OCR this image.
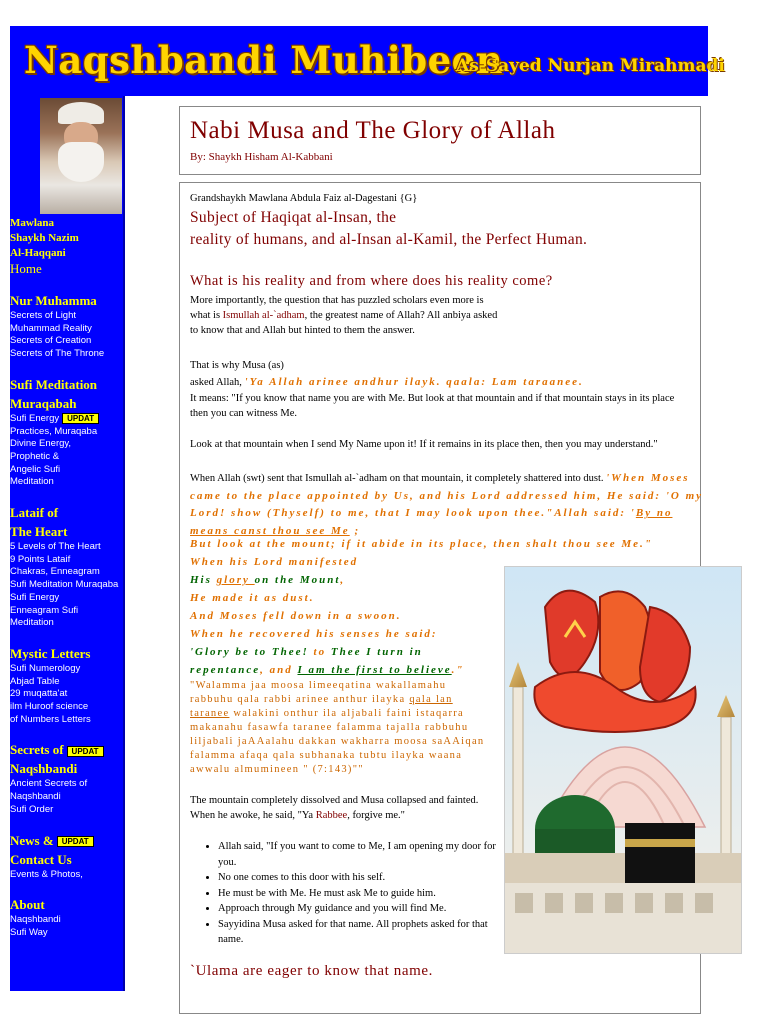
Naqshbandi Muhibeen
As-Sayed Nurjan Mirahmadi
Mawlana
Shaykh Nazim
Al-Haqqani
Home
Nur Muhamma
Secrets of Light
Muhammad Reality
Secrets of Creation
Secrets of The Throne
Sufi Meditation
Muraqabah
Sufi Energy UPDAT
Practices, Muraqaba
Divine Energy,
Prophetic &
Angelic Sufi
Meditation
Lataif of
The Heart
5 Levels of The Heart
9 Points Lataif
Chakras, Enneagram
Sufi Meditation Muraqaba
Sufi Energy
Enneagram Sufi
Meditation
Mystic Letters
Sufi Numerology
Abjad Table
29 muqatta'at
ilm Huroof science
of Numbers Letters
Secrets of UPDAT
Naqshbandi
Ancient Secrets of
Naqshbandi
Sufi Order
News & UPDAT
Contact Us
Events & Photos,
About
Naqshbandi
Sufi Way
Nabi Musa and The Glory of Allah
By: Shaykh Hisham Al-Kabbani
Grandshaykh Mawlana Abdula Faiz al-Dagestani {G}
Subject of Haqiqat al-Insan, the
reality of humans, and al-Insan al-Kamil, the Perfect Human.
What is his reality and from where does his reality come?
More importantly, the question that has puzzled scholars even more is what is Ismullah al-`adham, the greatest name of Allah? All anbiya asked to know that and Allah but hinted to them the answer.
That is why Musa (as)
asked Allah, 'Ya Allah arinee andhur ilayk. qaala: Lam taraanee.
It means: "If you know that name you are with Me. But look at that mountain and if that mountain stays in its place then you can witness Me.
Look at that mountain when I send My Name upon it! If it remains in its place then, then you may understand."
When Allah (swt) sent that Ismullah al-`adham on that mountain, it completely shattered into dust. 'When Moses came to the place appointed by Us, and his Lord addressed him, He said: 'O my Lord! show (Thyself) to me, that I may look upon thee."Allah said: 'By no means canst thou see Me ;
But look at the mount; if it abide in its place, then shalt thou see Me."
When his Lord manifested
His glory on the Mount,
He made it as dust.
And Moses fell down in a swoon.
When he recovered his senses he said:
'Glory be to Thee! to Thee I turn in repentance, and I am the first to believe."
"Walamma jaa moosa limeeqatina wakallamahu rabbuhu qala rabbi arinee anthur ilayka qala lan taranee walakini onthur ila aljabali faini istaqarra makanahu fasawfa taranee falamma tajalla rabbuhu liljabali jaAAalahu dakkan wakharra moosa saAAiqan falamma afaqa qala subhanaka tubtu ilayka waana awwalu almumineen " (7:143)""
The mountain completely dissolved and Musa collapsed and fainted.
When he awoke, he said, "Ya Rabbee, forgive me."
• Allah said, "If you want to come to Me, I am opening my door for you.
• No one comes to this door with his self.
• He must be with Me. He must ask Me to guide him.
• Approach through My guidance and you will find Me.
• Sayyidina Musa asked for that name. All prophets asked for that name.
`Ulama are eager to know that name.
